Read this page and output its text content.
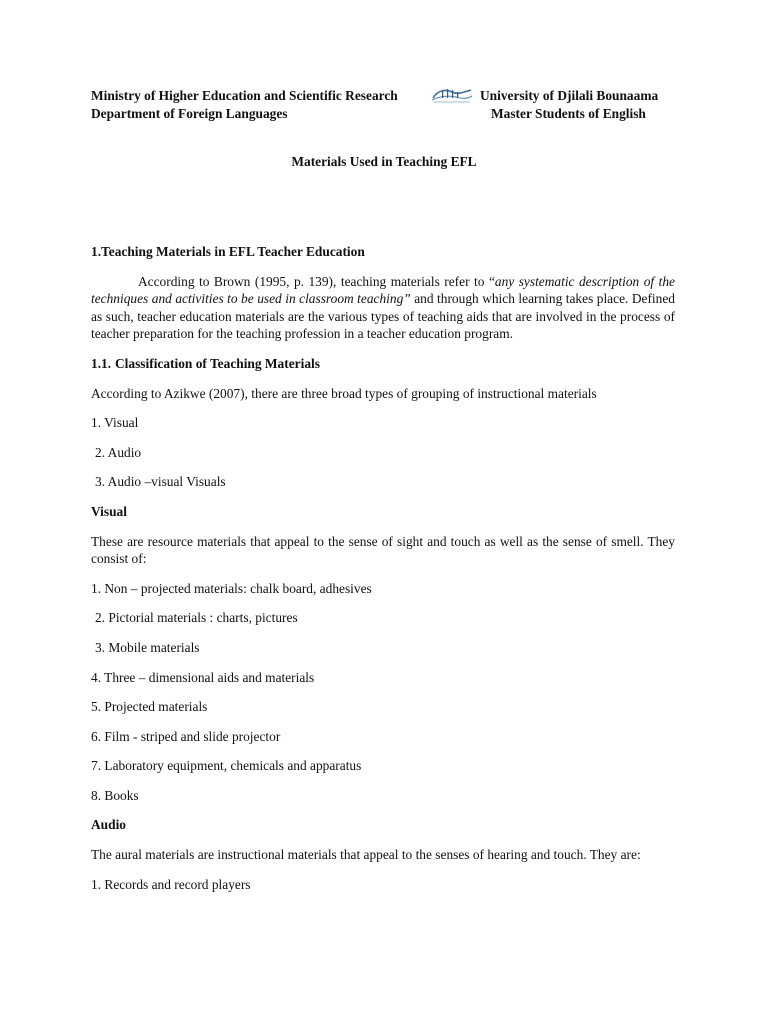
Ministry of Higher Education and Scientific Research
Department of Foreign Languages
University of Djilali Bounaama
Master Students of English
Materials Used in Teaching EFL

1.Teaching Materials in EFL Teacher Education

According to Brown (1995, p. 139), teaching materials refer to “any systematic description of the techniques and activities to be used in classroom teaching” and through which learning takes place. Defined as such, teacher education materials are the various types of teaching aids that are involved in the process of teacher preparation for the teaching profession in a teacher education program.

1.1. Classification of Teaching Materials

According to Azikwe (2007), there are three broad types of grouping of instructional materials

1. Visual

2. Audio

3. Audio –visual Visuals

Visual

These are resource materials that appeal to the sense of sight and touch as well as the sense of smell. They consist of:

1. Non – projected materials: chalk board, adhesives

2. Pictorial materials : charts, pictures

3. Mobile materials

4. Three – dimensional aids and materials

5. Projected materials

6. Film - striped and slide projector

7. Laboratory equipment, chemicals and apparatus

8. Books

Audio

The aural materials are instructional materials that appeal to the senses of hearing and touch. They are:

1. Records and record players
